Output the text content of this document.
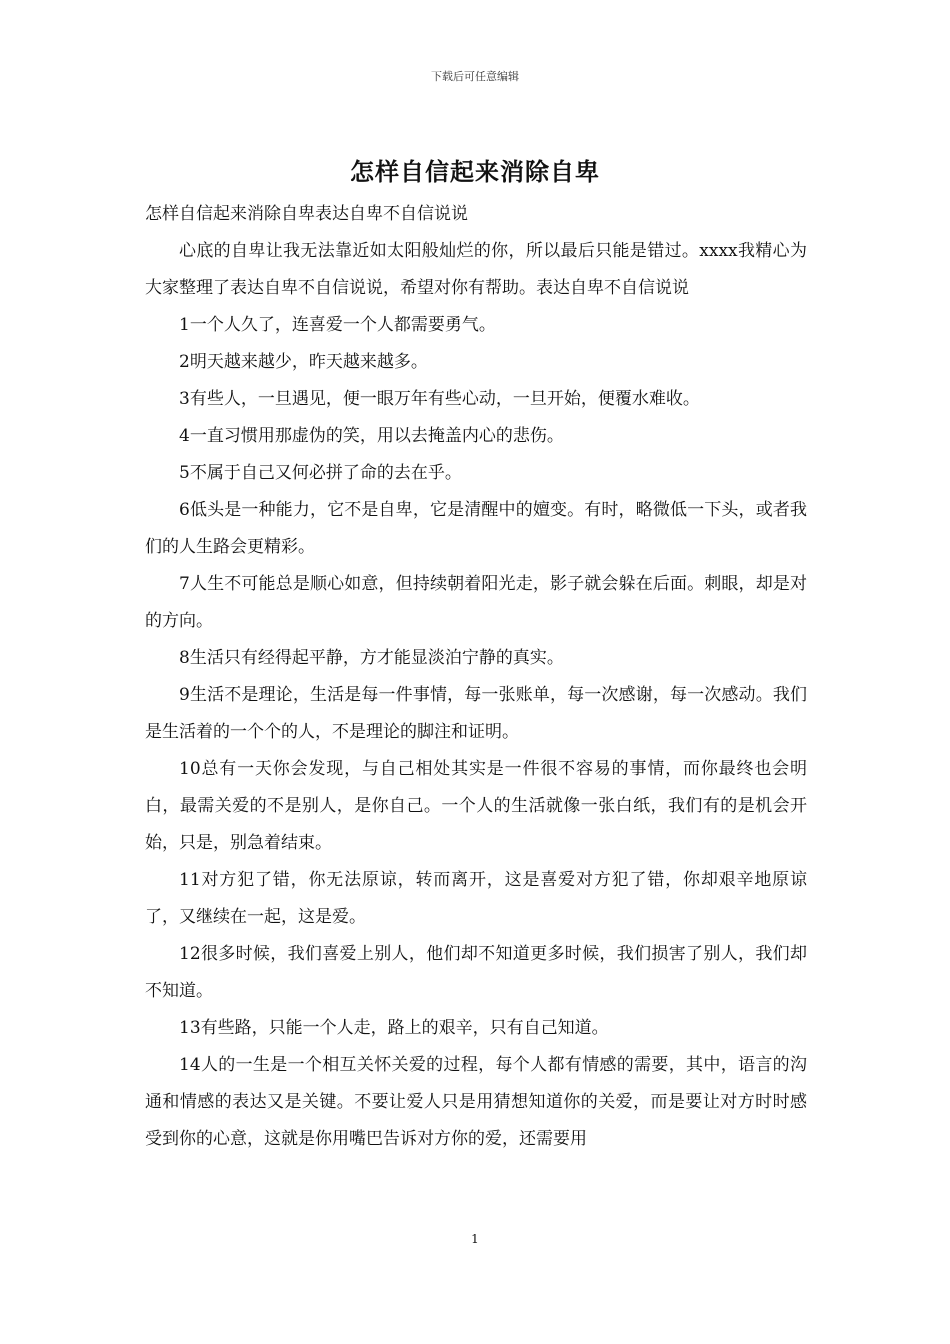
下载后可任意编辑
怎样自信起来消除自卑

怎样自信起来消除自卑表达自卑不自信说说

心底的自卑让我无法靠近如太阳般灿烂的你，所以最后只能是错过。xxxx我精心为大家整理了表达自卑不自信说说，希望对你有帮助。表达自卑不自信说说

1一个人久了，连喜爱一个人都需要勇气。

2明天越来越少，昨天越来越多。

3有些人，一旦遇见，便一眼万年有些心动，一旦开始，便覆水难收。

4一直习惯用那虚伪的笑，用以去掩盖内心的悲伤。

5不属于自己又何必拼了命的去在乎。

6低头是一种能力，它不是自卑，它是清醒中的嬗变。有时，略微低一下头，或者我们的人生路会更精彩。

7人生不可能总是顺心如意，但持续朝着阳光走，影子就会躲在后面。刺眼，却是对的方向。

8生活只有经得起平静，方才能显淡泊宁静的真实。

9生活不是理论，生活是每一件事情，每一张账单，每一次感谢，每一次感动。我们是生活着的一个个的人，不是理论的脚注和证明。

10总有一天你会发现，与自己相处其实是一件很不容易的事情，而你最终也会明白，最需关爱的不是别人，是你自己。一个人的生活就像一张白纸，我们有的是机会开始，只是，别急着结束。

11对方犯了错，你无法原谅，转而离开，这是喜爱对方犯了错，你却艰辛地原谅了，又继续在一起，这是爱。

12很多时候，我们喜爱上别人，他们却不知道更多时候，我们损害了别人，我们却不知道。

13有些路，只能一个人走，路上的艰辛，只有自己知道。

14人的一生是一个相互关怀关爱的过程，每个人都有情感的需要，其中，语言的沟通和情感的表达又是关键。不要让爱人只是用猜想知道你的关爱，而是要让对方时时感受到你的心意，这就是你用嘴巴告诉对方你的爱，还需要用

1
